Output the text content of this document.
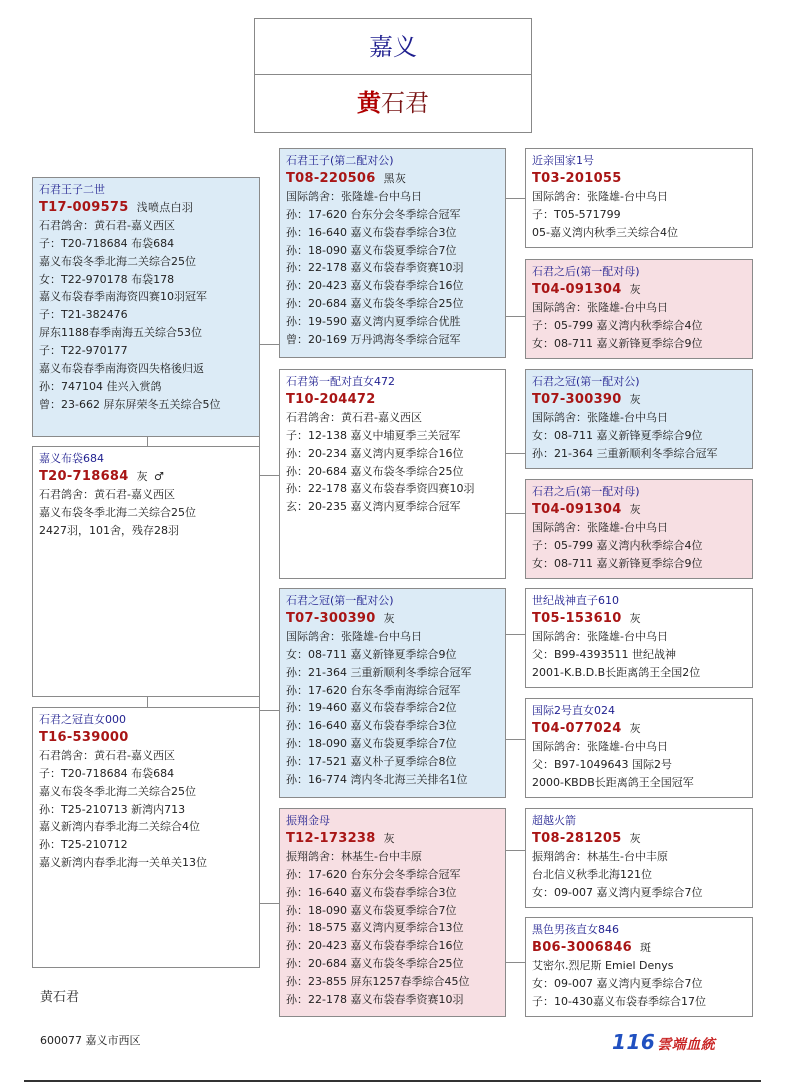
嘉义
黄石君
石君王子二世
T17-009575 浅喷点白羽
石君鸽舍：黄石君-嘉义西区
子：T20-718684 布袋684
嘉义布袋冬季北海二关综合25位
女：T22-970178 布袋178
嘉义布袋春季南海资四赛10羽冠军
子：T21-382476
屏东1188春季南海五关综合53位
子：T22-970177
嘉义布袋春季南海资四失格後归返
孙：747104 佳兴入赏鸽
曾：23-662 屏东屏荣冬五关综合5位
嘉义布袋684
T20-718684 灰 ♂
石君鸽舍：黄石君-嘉义西区
嘉义布袋冬季北海二关综合25位
2427羽，101舍，残存28羽
石君之冠直女000
T16-539000
石君鸽舍：黄石君-嘉义西区
子：T20-718684 布袋684
嘉义布袋冬季北海二关综合25位
孙：T25-210713 新湾内713
嘉义新湾内春季北海二关综合4位
孙：T25-210712
嘉义新湾内春季北海一关单关13位
石君王子(第二配对公)
T08-220506 黑灰
国际鸽舍：张隆雄-台中乌日
孙：17-620 台东分会冬季综合冠军
孙：16-640 嘉义布袋春季综合3位
孙：18-090 嘉义布袋夏季综合7位
孙：22-178 嘉义布袋春季资赛10羽
孙：20-423 嘉义布袋春季综合16位
孙：20-684 嘉义布袋冬季综合25位
孙：19-590 嘉义湾内夏季综合优胜
曾：20-169 万丹鸿海冬季综合冠军
石君第一配对直女472
T10-204472
石君鸽舍：黄石君-嘉义西区
子：12-138 嘉义中埔夏季三关冠军
孙：20-234 嘉义湾内夏季综合16位
孙：20-684 嘉义布袋冬季综合25位
孙：22-178 嘉义布袋春季资四赛10羽
玄：20-235 嘉义湾内夏季综合冠军
石君之冠(第一配对公)
T07-300390 灰
国际鸽舍：张隆雄-台中乌日
女：08-711 嘉义新锋夏季综合9位
孙：21-364 三重新顺利冬季综合冠军
孙：17-620 台东冬季南海综合冠军
孙：19-460 嘉义布袋春季综合2位
孙：16-640 嘉义布袋春季综合3位
孙：18-090 嘉义布袋夏季综合7位
孙：17-521 嘉义朴子夏季综合8位
孙：16-774 湾内冬北海三关排名1位
振翔金母
T12-173238 灰
振翔鸽舍：林基生-台中丰原
孙：17-620 台东分会冬季综合冠军
孙：16-640 嘉义布袋春季综合3位
孙：18-090 嘉义布袋夏季综合7位
孙：18-575 嘉义湾内夏季综合13位
孙：20-423 嘉义布袋春季综合16位
孙：20-684 嘉义布袋冬季综合25位
孙：23-855 屏东1257春季综合45位
孙：22-178 嘉义布袋春季资赛10羽
近亲国家1号
T03-201055
国际鸽舍：张隆雄-台中乌日
子：T05-571799
05-嘉义湾内秋季三关综合4位
石君之后(第一配对母)
T04-091304 灰
国际鸽舍：张隆雄-台中乌日
子：05-799 嘉义湾内秋季综合4位
女：08-711 嘉义新锋夏季综合9位
石君之冠(第一配对公)
T07-300390 灰
国际鸽舍：张隆雄-台中乌日
女：08-711 嘉义新锋夏季综合9位
孙：21-364 三重新顺利冬季综合冠军
石君之后(第一配对母)
T04-091304 灰
国际鸽舍：张隆雄-台中乌日
子：05-799 嘉义湾内秋季综合4位
女：08-711 嘉义新锋夏季综合9位
世纪战神直子610
T05-153610 灰
国际鸽舍：张隆雄-台中乌日
父：B99-4393511 世纪战神
2001-K.B.D.B长距离鸽王全国2位
国际2号直女024
T04-077024 灰
国际鸽舍：张隆雄-台中乌日
父：B97-1049643 国际2号
2000-KBDB长距离鸽王全国冠军
超越火箭
T08-281205 灰
振翔鸽舍：林基生-台中丰原
台北信义秋季北海121位
女：09-007 嘉义湾内夏季综合7位
黑色男孩直女846
B06-3006846 斑
艾密尔.烈尼斯 Emiel Denys
女：09-007 嘉义湾内夏季综合7位
子：10-430嘉义布袋春季综合17位
黄石君
600077 嘉义市西区	116 雲端血統
